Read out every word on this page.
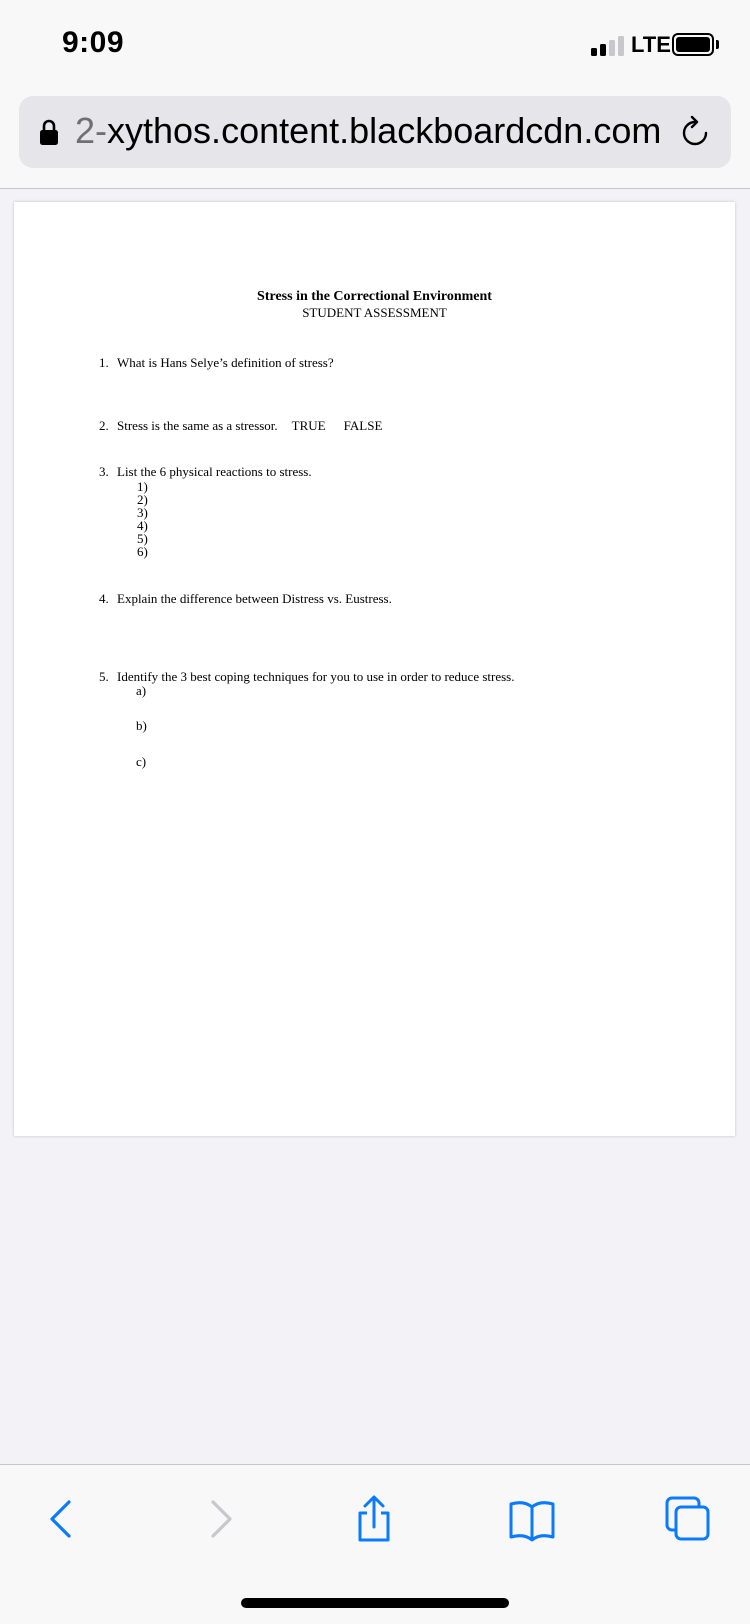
9:09	LTE
2-xythos.content.blackboardcdn.com
Stress in the Correctional Environment
STUDENT ASSESSMENT
1. What is Hans Selye’s definition of stress?
2. Stress is the same as a stressor. TRUE FALSE
3. List the 6 physical reactions to stress.
1)
2)
3)
4)
5)
6)
4. Explain the difference between Distress vs. Eustress.
5. Identify the 3 best coping techniques for you to use in order to reduce stress.
a)
b)
c)
